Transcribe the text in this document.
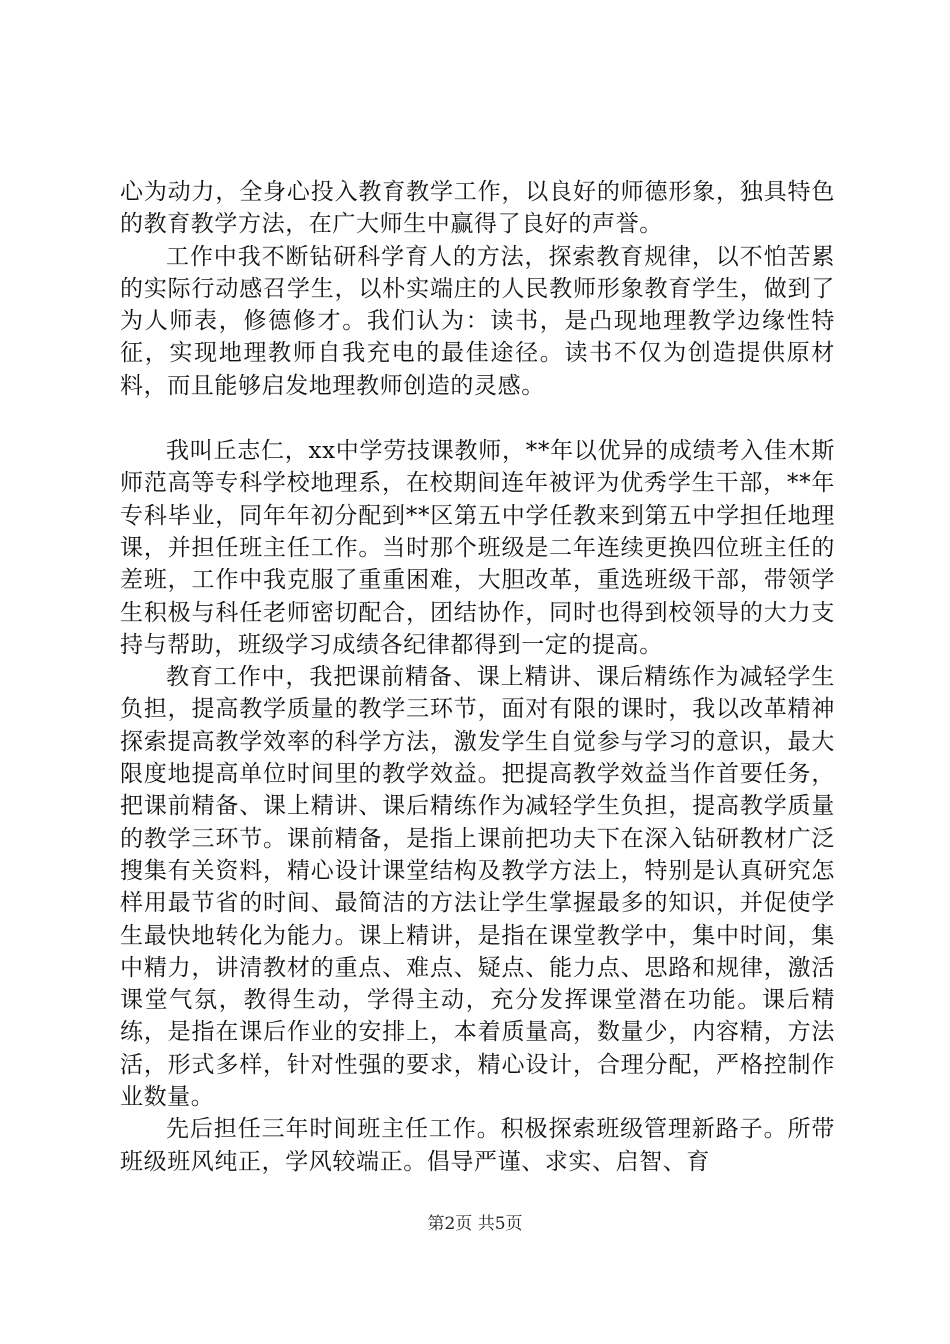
心为动力，全身心投入教育教学工作，以良好的师德形象，独具特色的教育教学方法，在广大师生中赢得了良好的声誉。

工作中我不断钻研科学育人的方法，探索教育规律，以不怕苦累的实际行动感召学生，以朴实端庄的人民教师形象教育学生，做到了为人师表，修德修才。我们认为：读书，是凸现地理教学边缘性特征，实现地理教师自我充电的最佳途径。读书不仅为创造提供原材料，而且能够启发地理教师创造的灵感。

我叫丘志仁，xx中学劳技课教师，**年以优异的成绩考入佳木斯师范高等专科学校地理系，在校期间连年被评为优秀学生干部，**年专科毕业，同年年初分配到**区第五中学任教来到第五中学担任地理课，并担任班主任工作。当时那个班级是二年连续更换四位班主任的差班，工作中我克服了重重困难，大胆改革，重选班级干部，带领学生积极与科任老师密切配合，团结协作，同时也得到校领导的大力支持与帮助，班级学习成绩各纪律都得到一定的提高。

教育工作中，我把课前精备、课上精讲、课后精练作为减轻学生负担，提高教学质量的教学三环节，面对有限的课时，我以改革精神探索提高教学效率的科学方法，激发学生自觉参与学习的意识，最大限度地提高单位时间里的教学效益。把提高教学效益当作首要任务，把课前精备、课上精讲、课后精练作为减轻学生负担，提高教学质量的教学三环节。课前精备，是指上课前把功夫下在深入钻研教材广泛搜集有关资料，精心设计课堂结构及教学方法上，特别是认真研究怎样用最节省的时间、最简洁的方法让学生掌握最多的知识，并促使学生最快地转化为能力。课上精讲，是指在课堂教学中，集中时间，集中精力，讲清教材的重点、难点、疑点、能力点、思路和规律，激活课堂气氛，教得生动，学得主动，充分发挥课堂潜在功能。课后精练，是指在课后作业的安排上，本着质量高，数量少，内容精，方法活，形式多样，针对性强的要求，精心设计，合理分配，严格控制作业数量。

先后担任三年时间班主任工作。积极探索班级管理新路子。所带班级班风纯正，学风较端正。倡导严谨、求实、启智、育

第2页 共5页
